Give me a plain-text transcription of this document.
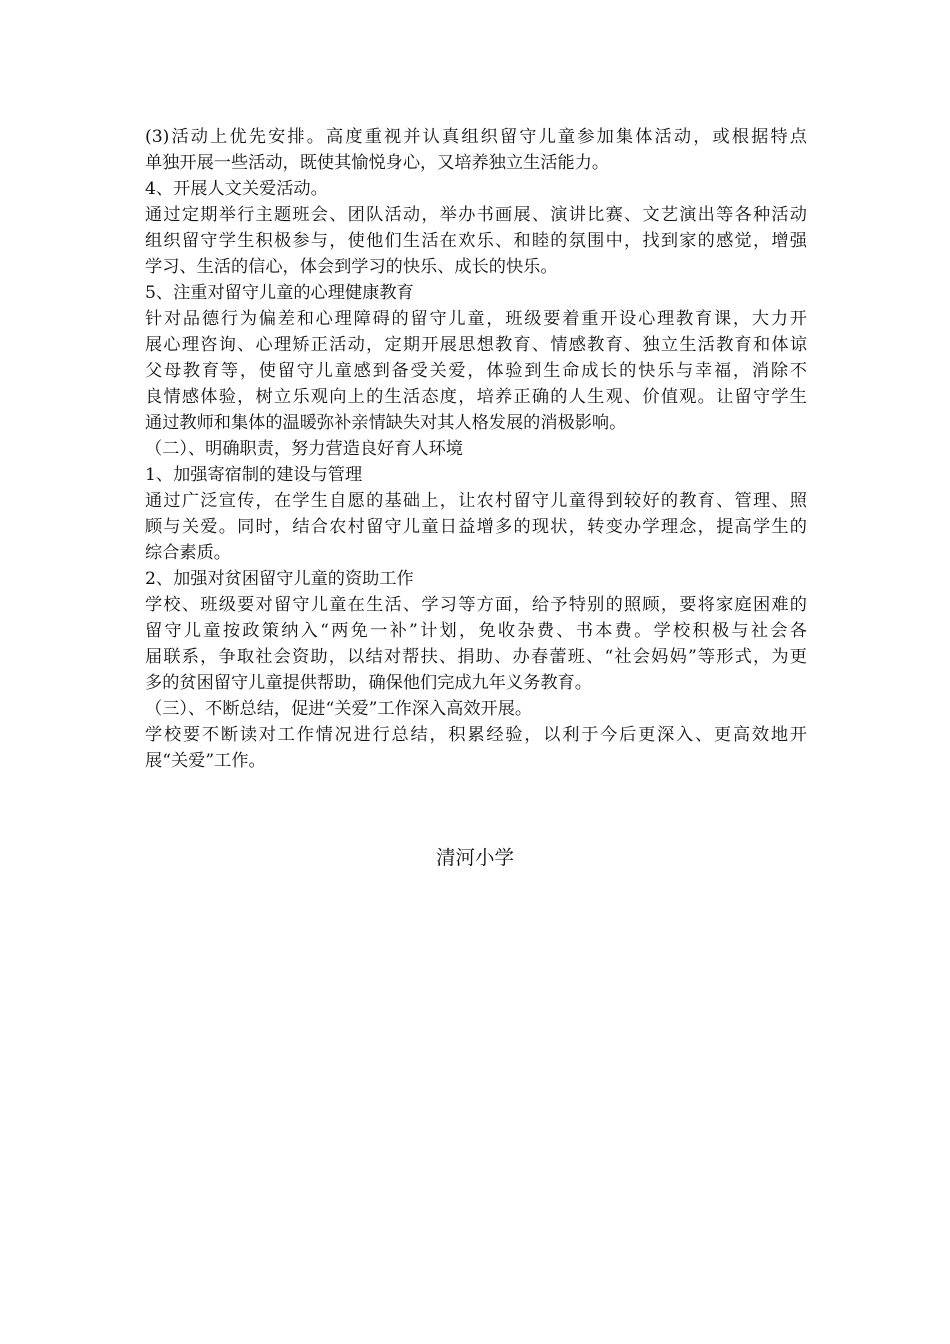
(3)活动上优先安排。高度重视并认真组织留守儿童参加集体活动，或根据特点
单独开展一些活动，既使其愉悦身心，又培养独立生活能力。
4、开展人文关爱活动。
通过定期举行主题班会、团队活动，举办书画展、演讲比赛、文艺演出等各种活动
组织留守学生积极参与，使他们生活在欢乐、和睦的氛围中，找到家的感觉，增强
学习、生活的信心，体会到学习的快乐、成长的快乐。
5、注重对留守儿童的心理健康教育
针对品德行为偏差和心理障碍的留守儿童，班级要着重开设心理教育课，大力开
展心理咨询、心理矫正活动，定期开展思想教育、情感教育、独立生活教育和体谅
父母教育等，使留守儿童感到备受关爱，体验到生命成长的快乐与幸福，消除不
良情感体验，树立乐观向上的生活态度，培养正确的人生观、价值观。让留守学生
通过教师和集体的温暖弥补亲情缺失对其人格发展的消极影响。
（二）、明确职责，努力营造良好育人环境
1、加强寄宿制的建设与管理
通过广泛宣传，在学生自愿的基础上，让农村留守儿童得到较好的教育、管理、照
顾与关爱。同时，结合农村留守儿童日益增多的现状，转变办学理念，提高学生的
综合素质。
2、加强对贫困留守儿童的资助工作
学校、班级要对留守儿童在生活、学习等方面，给予特别的照顾，要将家庭困难的
留守儿童按政策纳入“两免一补”计划，免收杂费、书本费。学校积极与社会各
届联系，争取社会资助，以结对帮扶、捐助、办春蕾班、“社会妈妈”等形式，为更
多的贫困留守儿童提供帮助，确保他们完成九年义务教育。
（三）、不断总结，促进“关爱”工作深入高效开展。
学校要不断读对工作情况进行总结，积累经验，以利于今后更深入、更高效地开
展“关爱”工作。
清河小学
